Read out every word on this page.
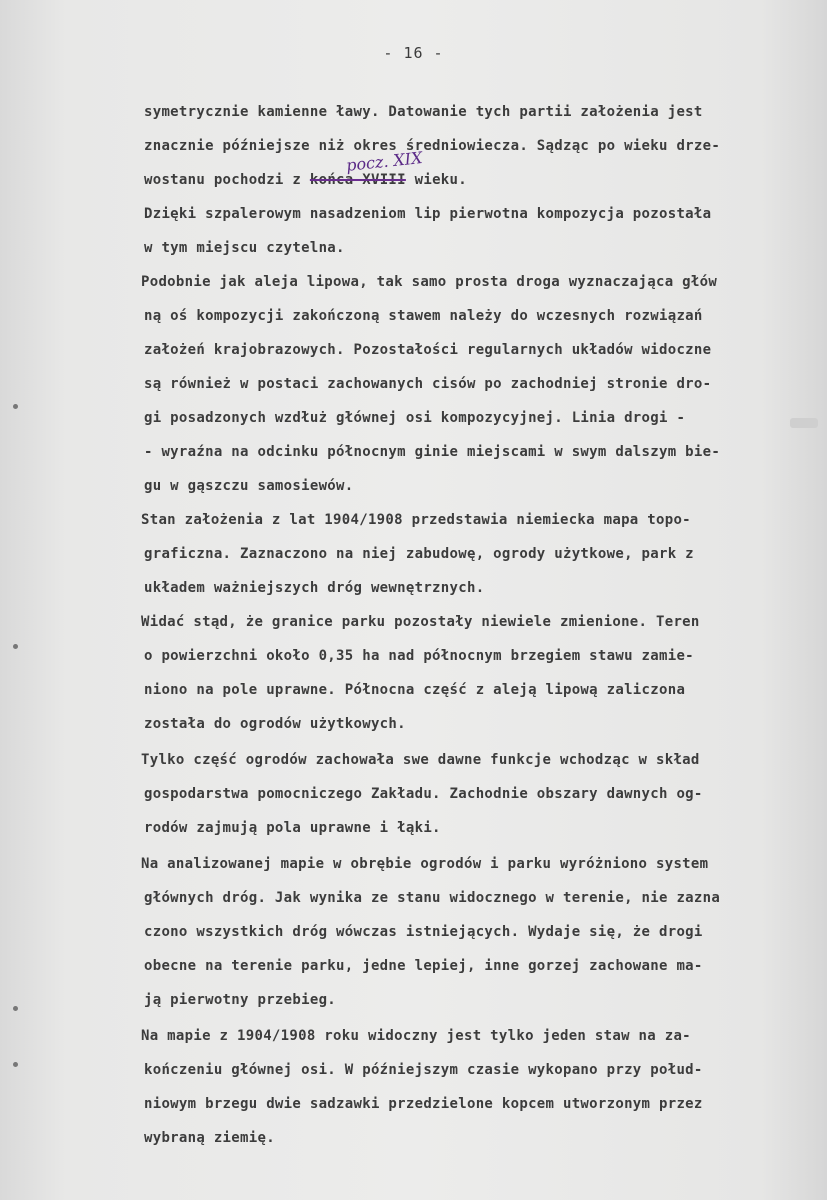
- 16 -
pocz. XIX
symetrycznie kamienne ławy. Datowanie tych partii założenia jest
znacznie późniejsze niż okres średniowiecza. Sądząc po wieku drze-
wostanu pochodzi z końca XVIII wieku.
Dzięki szpalerowym nasadzeniom lip pierwotna kompozycja pozostała
w tym miejscu czytelna.
Podobnie jak aleja lipowa, tak samo prosta droga wyznaczająca głów
ną oś kompozycji zakończoną stawem należy do wczesnych rozwiązań
założeń krajobrazowych. Pozostałości regularnych układów widoczne
są również w postaci zachowanych cisów po zachodniej stronie dro-
gi posadzonych wzdłuż głównej osi kompozycyjnej. Linia drogi -
- wyraźna na odcinku północnym ginie miejscami w swym dalszym bie-
gu w gąszczu samosiewów.
Stan założenia z lat 1904/1908 przedstawia niemiecka mapa topo-
graficzna. Zaznaczono na niej zabudowę, ogrody użytkowe, park z
układem ważniejszych dróg wewnętrznych.
Widać stąd, że granice parku pozostały niewiele zmienione. Teren
o powierzchni około 0,35 ha nad północnym brzegiem stawu zamie-
niono na pole uprawne. Północna część z aleją lipową zaliczona
została do ogrodów użytkowych.
Tylko część ogrodów zachowała swe dawne funkcje wchodząc w skład
gospodarstwa pomocniczego Zakładu. Zachodnie obszary dawnych og-
rodów zajmują pola uprawne i łąki.
Na analizowanej mapie w obrębie ogrodów i parku wyróżniono system
głównych dróg. Jak wynika ze stanu widocznego w terenie, nie zazna
czono wszystkich dróg wówczas istniejących. Wydaje się, że drogi
obecne na terenie parku, jedne lepiej, inne gorzej zachowane ma-
ją pierwotny przebieg.
Na mapie z 1904/1908 roku widoczny jest tylko jeden staw na za-
kończeniu głównej osi. W późniejszym czasie wykopano przy połud-
niowym brzegu dwie sadzawki przedzielone kopcem utworzonym przez
wybraną ziemię.
